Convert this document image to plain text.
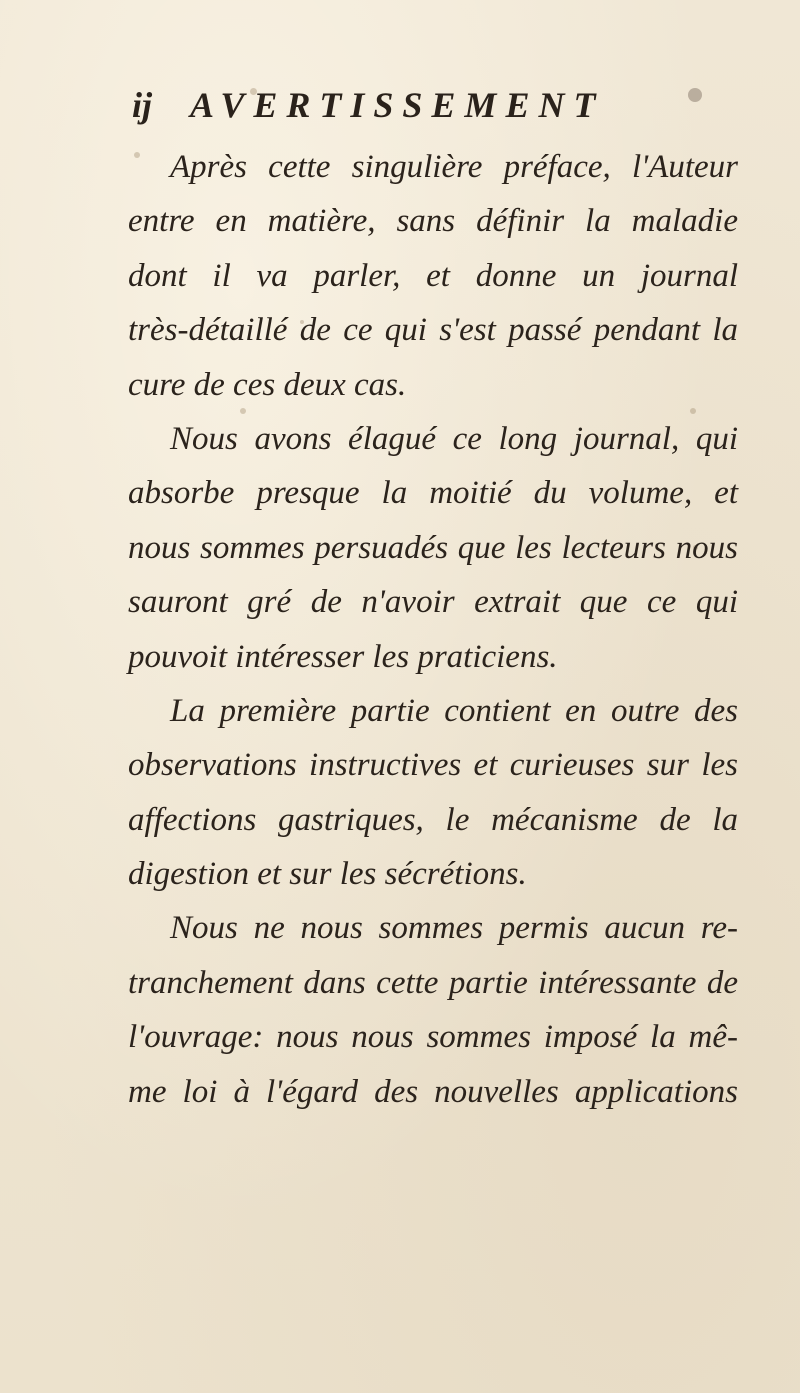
ij AVERTISSEMENT
Après cette singulière préface, l'Auteur
entre en matière, sans définir la maladie
dont il va parler, et donne un journal
très-détaillé de ce qui s'est passé pendant la
cure de ces deux cas.
Nous avons élagué ce long journal, qui
absorbe presque la moitié du volume, et
nous sommes persuadés que les lecteurs nous
sauront gré de n'avoir extrait que ce qui
pouvoit intéresser les praticiens.
La première partie contient en outre des
observations instructives et curieuses sur les
affections gastriques, le mécanisme de la
digestion et sur les sécrétions.
Nous ne nous sommes permis aucun re-
tranchement dans cette partie intéressante de
l'ouvrage: nous nous sommes imposé la mê-
me loi à l'égard des nouvelles applications
